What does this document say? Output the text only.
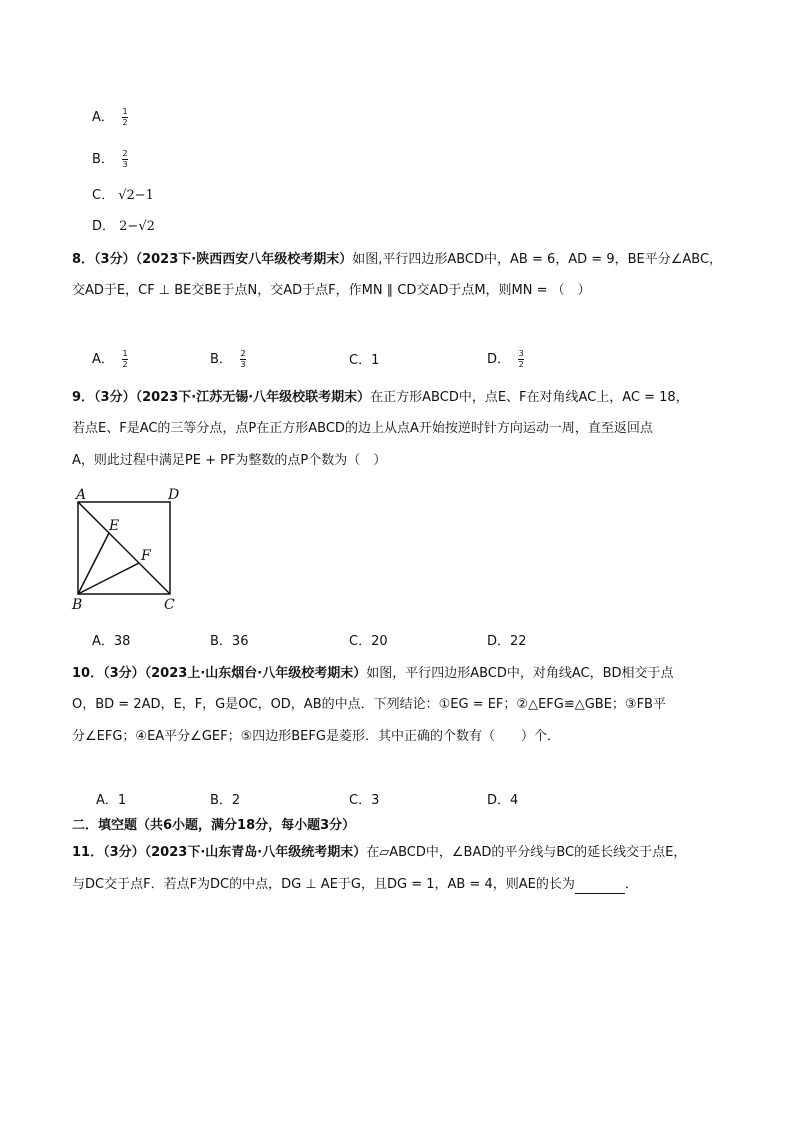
A． $\frac{1}{2}$
B． $\frac{2}{3}$
C． √2−1
D． 2−√2
8．（3分）（2023下·陕西西安八年级校考期末）如图,平行四边形ABCD中，AB = 6，AD = 9，BE平分∠ABC，
交AD于E，CF ⊥ BE交BE于点N，交AD于点F，作MN ∥ CD交AD于点M，则MN = （　）
A． $\frac{1}{2}$	B． $\frac{2}{3}$	C．1	D． $\frac{3}{2}$
9．（3分）（2023下·江苏无锡·八年级校联考期末）在正方形ABCD中，点E、F在对角线AC上，AC = 18，
若点E、F是AC的三等分点，点P在正方形ABCD的边上从点A开始按逆时针方向运动一周，直至返回点
A，则此过程中满足PE + PF为整数的点P个数为（　）
A	D
E
F
B	C
A．38	B．36	C．20	D．22
10．（3分）（2023上·山东烟台·八年级校考期末）如图，平行四边形ABCD中，对角线AC，BD相交于点
O，BD = 2AD，E，F，G是OC，OD，AB的中点．下列结论：①EG = EF；②△EFG≌△GBE；③FB平
分∠EFG；④EA平分∠GEF；⑤四边形BEFG是菱形．其中正确的个数有（　　）个．
A．1	B．2	C．3	D．4
二．填空题（共6小题，满分18分，每小题3分）
11．（3分）（2023下·山东青岛·八年级统考期末）在▱ABCD中，∠BAD的平分线与BC的延长线交于点E，
与DC交于点F．若点F为DC的中点，DG ⊥ AE于G，且DG = 1，AB = 4，则AE的长为	．
